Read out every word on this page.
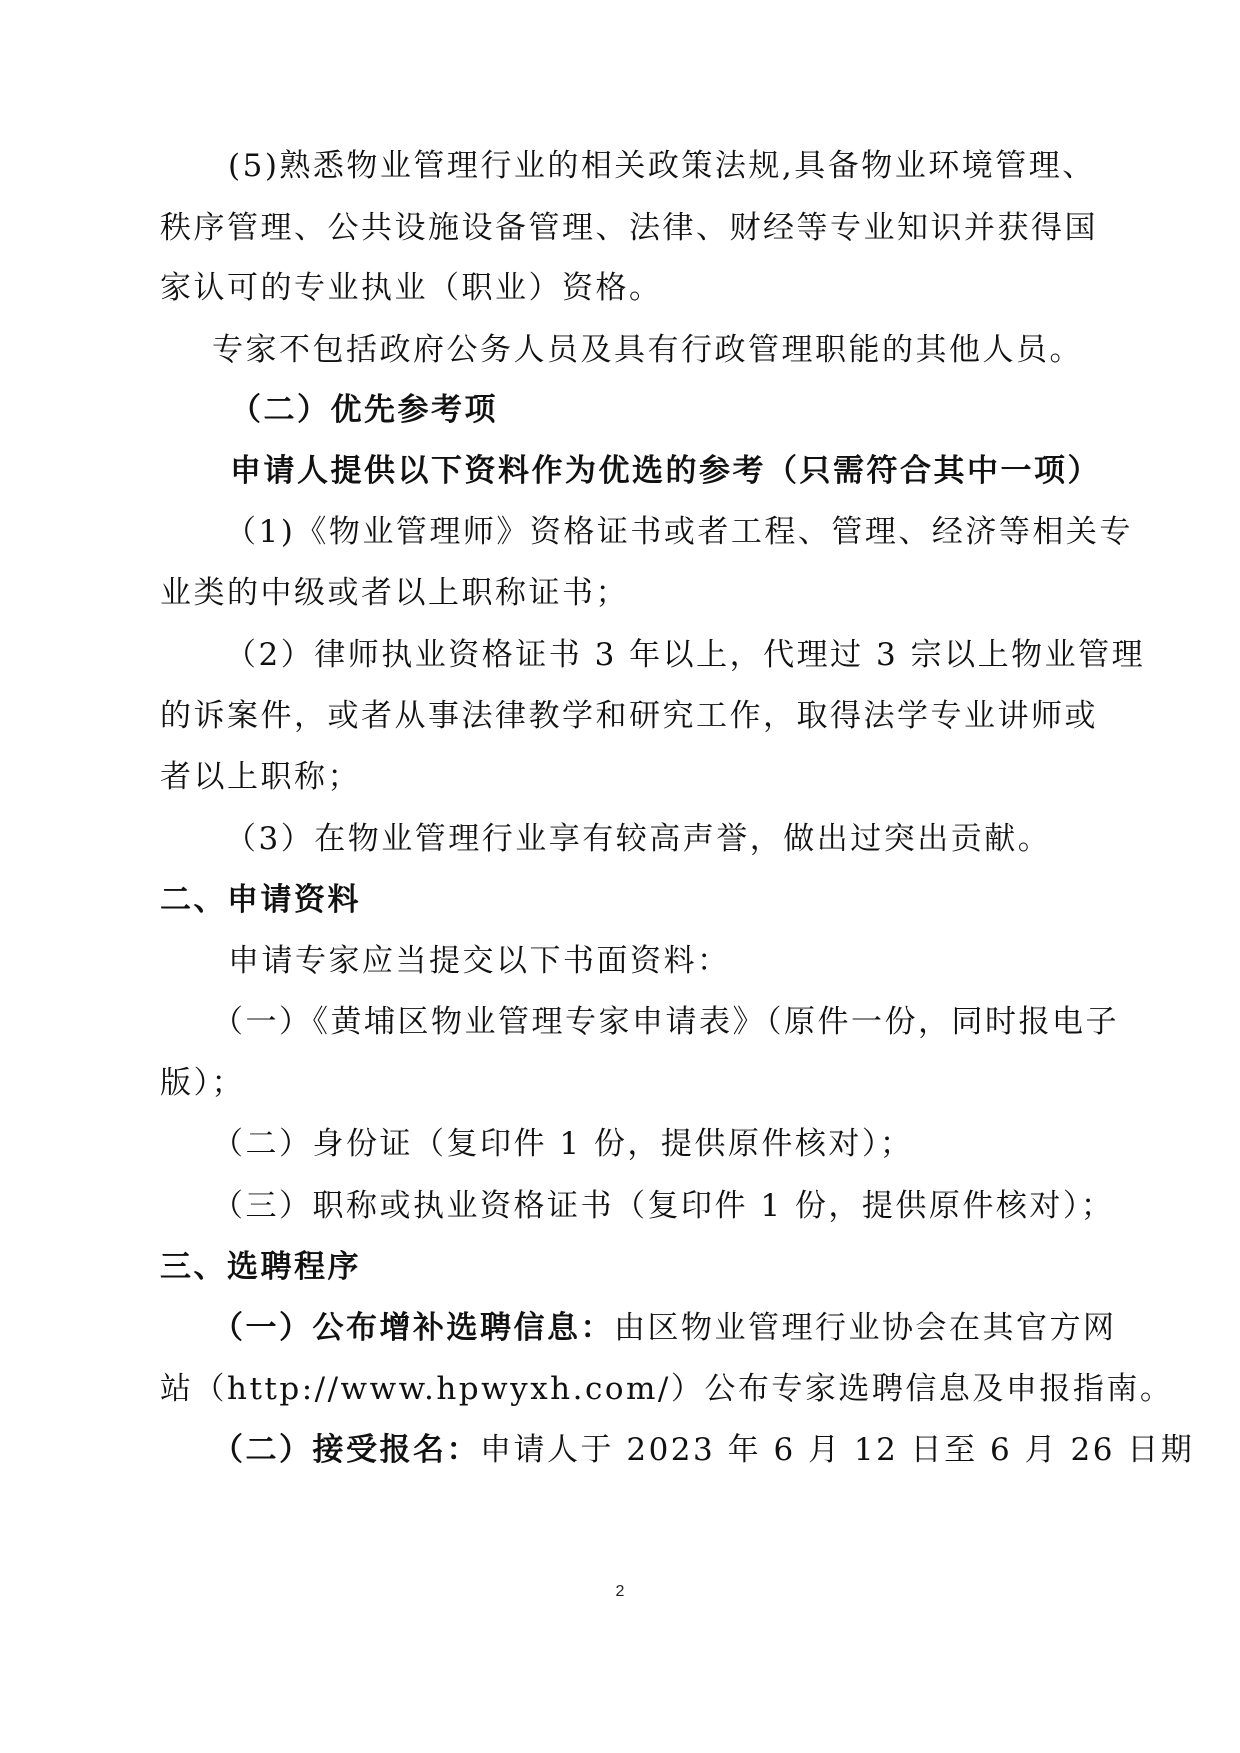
(5)熟悉物业管理行业的相关政策法规,具备物业环境管理、
秩序管理、公共设施设备管理、法律、财经等专业知识并获得国
家认可的专业执业（职业）资格。
专家不包括政府公务人员及具有行政管理职能的其他人员。
（二）优先参考项
申请人提供以下资料作为优选的参考（只需符合其中一项）
（1)《物业管理师》资格证书或者工程、管理、经济等相关专
业类的中级或者以上职称证书；
（2）律师执业资格证书 3 年以上，代理过 3 宗以上物业管理
的诉案件，或者从事法律教学和研究工作，取得法学专业讲师或
者以上职称；
（3）在物业管理行业享有较高声誉，做出过突出贡献。
二、申请资料
申请专家应当提交以下书面资料：
（一）《黄埔区物业管理专家申请表》（原件一份，同时报电子
版）；
（二）身份证（复印件 1 份，提供原件核对）；
（三）职称或执业资格证书（复印件 1 份，提供原件核对）；
三、选聘程序
（一）公布增补选聘信息：由区物业管理行业协会在其官方网
站（http://www.hpwyxh.com/）公布专家选聘信息及申报指南。
（二）接受报名：申请人于 2023 年 6 月 12 日至 6 月 26 日期
2
